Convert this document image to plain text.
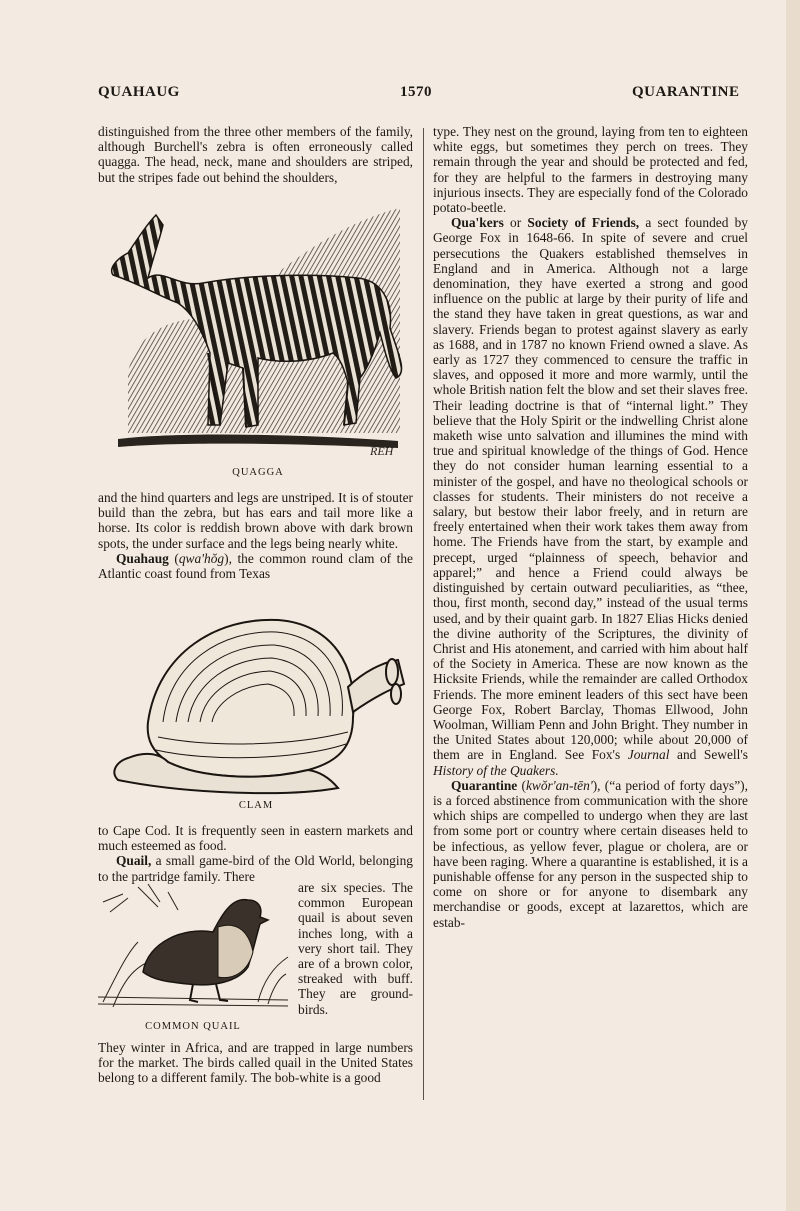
QUAHAUG	1570	QUARANTINE

distinguished from the three other members of the family, although Burchell's zebra is often erroneously called quagga. The head, neck, mane and shoulders are striped, but the stripes fade out behind the shoulders,

REH
QUAGGA

and the hind quarters and legs are unstriped. It is of stouter build than the zebra, but has ears and tail more like a horse. Its color is reddish brown above with dark brown spots, the under surface and the legs being nearly white.

Quahaug (qwa'hŏg), the common round clam of the Atlantic coast found from Texas

CLAM

to Cape Cod. It is frequently seen in eastern markets and much esteemed as food.

Quail, a small game-bird of the Old World, belonging to the partridge family. There

COMMON QUAIL
are six species. The common European quail is about seven inches long, with a very short tail. They are of a brown color, streaked with buff. They are ground-birds.

They winter in Africa, and are trapped in large numbers for the market. The birds called quail in the United States belong to a different family. The bob-white is a good

type. They nest on the ground, laying from ten to eighteen white eggs, but sometimes they perch on trees. They remain through the year and should be protected and fed, for they are helpful to the farmers in destroying many injurious insects. They are especially fond of the Colorado potato-beetle.

Qua'kers or Society of Friends, a sect founded by George Fox in 1648-66. In spite of severe and cruel persecutions the Quakers established themselves in England and in America. Although not a large denomination, they have exerted a strong and good influence on the public at large by their purity of life and the stand they have taken in great questions, as war and slavery. Friends began to protest against slavery as early as 1688, and in 1787 no known Friend owned a slave. As early as 1727 they commenced to censure the traffic in slaves, and opposed it more and more warmly, until the whole British nation felt the blow and set their slaves free. Their leading doctrine is that of “internal light.” They believe that the Holy Spirit or the indwelling Christ alone maketh wise unto salvation and illumines the mind with true and spiritual knowledge of the things of God. Hence they do not consider human learning essential to a minister of the gospel, and have no theological schools or classes for students. Their ministers do not receive a salary, but bestow their labor freely, and in return are freely entertained when their work takes them away from home. The Friends have from the start, by example and precept, urged “plainness of speech, behavior and apparel;” and hence a Friend could always be distinguished by certain outward peculiarities, as “thee, thou, first month, second day,” instead of the usual terms used, and by their quaint garb. In 1827 Elias Hicks denied the divine authority of the Scriptures, the divinity of Christ and His atonement, and carried with him about half of the Society in America. These are now known as the Hicksite Friends, while the remainder are called Orthodox Friends. The more eminent leaders of this sect have been George Fox, Robert Barclay, Thomas Ellwood, John Woolman, William Penn and John Bright. They number in the United States about 120,000; while about 20,000 of them are in England. See Fox's Journal and Sewell's History of the Quakers.

Quarantine (kwŏr'an-tēn'), (“a period of forty days”), is a forced abstinence from communication with the shore which ships are compelled to undergo when they are last from some port or country where certain diseases held to be infectious, as yellow fever, plague or cholera, are or have been raging. Where a quarantine is established, it is a punishable offense for any person in the suspected ship to come on shore or for anyone to disembark any merchandise or goods, except at lazarettos, which are estab-
